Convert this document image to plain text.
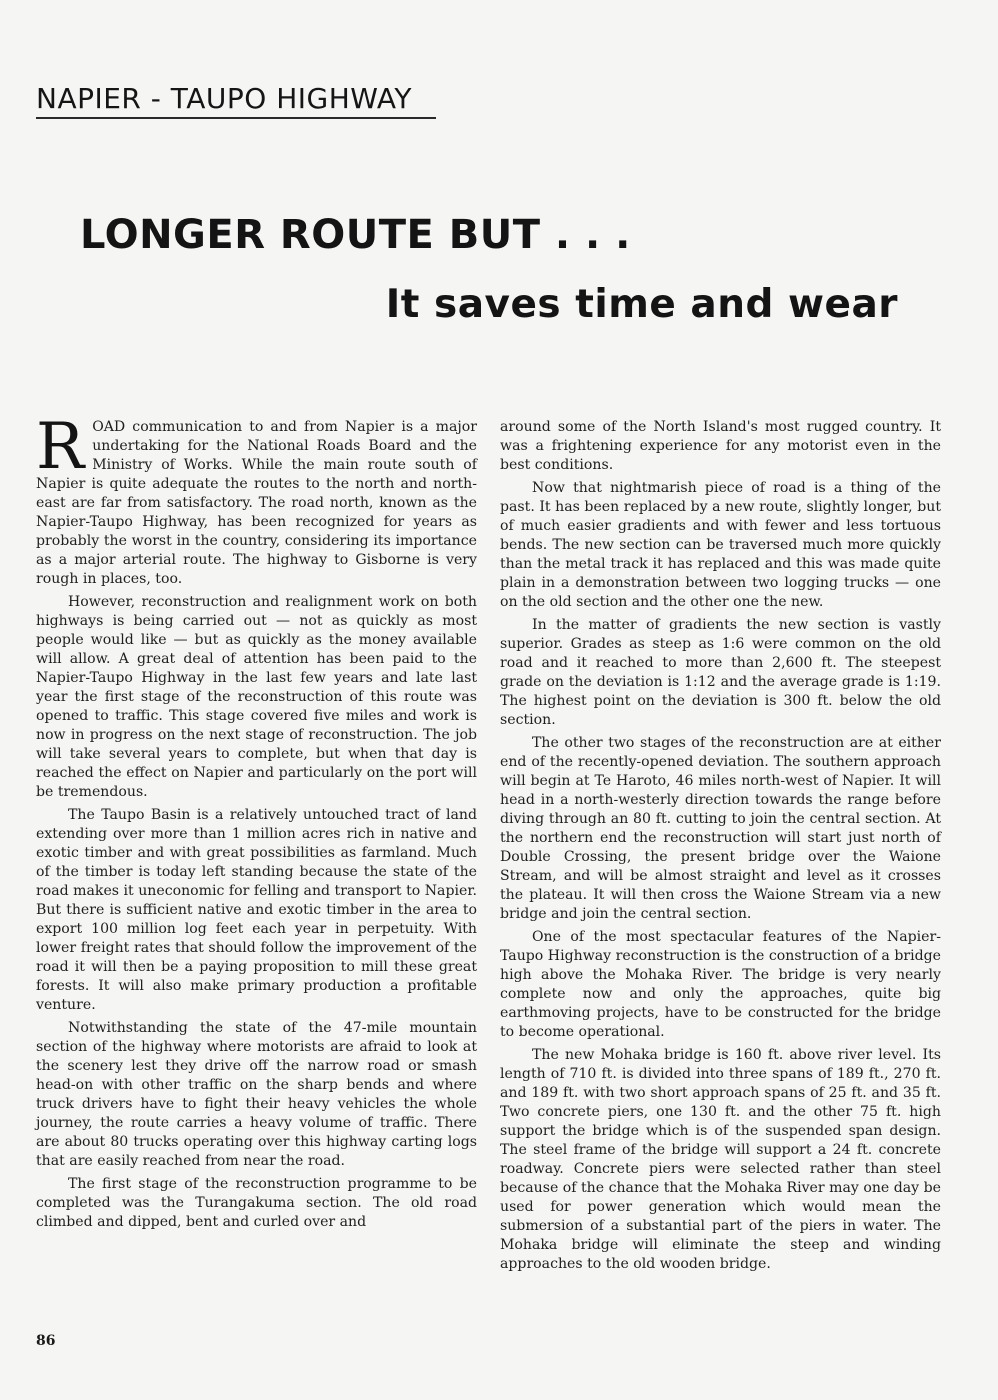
NAPIER - TAUPO HIGHWAY
LONGER ROUTE BUT . . .
It saves time and wear

ROAD communication to and from Napier is a major undertaking for the National Roads Board and the Ministry of Works. While the main route south of Napier is quite adequate the routes to the north and north-east are far from satisfactory. The road north, known as the Napier-Taupo Highway, has been recognized for years as probably the worst in the country, considering its importance as a major arterial route. The highway to Gisborne is very rough in places, too.

However, reconstruction and realignment work on both highways is being carried out — not as quickly as most people would like — but as quickly as the money available will allow. A great deal of attention has been paid to the Napier-Taupo Highway in the last few years and late last year the first stage of the reconstruction of this route was opened to traffic. This stage covered five miles and work is now in progress on the next stage of reconstruction. The job will take several years to complete, but when that day is reached the effect on Napier and particularly on the port will be tremendous.

The Taupo Basin is a relatively untouched tract of land extending over more than 1 million acres rich in native and exotic timber and with great possibilities as farmland. Much of the timber is today left standing because the state of the road makes it uneconomic for felling and transport to Napier. But there is sufficient native and exotic timber in the area to export 100 million log feet each year in perpetuity. With lower freight rates that should follow the improvement of the road it will then be a paying proposition to mill these great forests. It will also make primary production a profitable venture.

Notwithstanding the state of the 47-mile mountain section of the highway where motorists are afraid to look at the scenery lest they drive off the narrow road or smash head-on with other traffic on the sharp bends and where truck drivers have to fight their heavy vehicles the whole journey, the route carries a heavy volume of traffic. There are about 80 trucks operating over this highway carting logs that are easily reached from near the road.

The first stage of the reconstruction programme to be completed was the Turangakuma section. The old road climbed and dipped, bent and curled over and

around some of the North Island's most rugged country. It was a frightening experience for any motorist even in the best conditions.

Now that nightmarish piece of road is a thing of the past. It has been replaced by a new route, slightly longer, but of much easier gradients and with fewer and less tortuous bends. The new section can be traversed much more quickly than the metal track it has replaced and this was made quite plain in a demonstration between two logging trucks — one on the old section and the other one the new.

In the matter of gradients the new section is vastly superior. Grades as steep as 1:6 were common on the old road and it reached to more than 2,600 ft. The steepest grade on the deviation is 1:12 and the average grade is 1:19. The highest point on the deviation is 300 ft. below the old section.

The other two stages of the reconstruction are at either end of the recently-opened deviation. The southern approach will begin at Te Haroto, 46 miles north-west of Napier. It will head in a north-westerly direction towards the range before diving through an 80 ft. cutting to join the central section. At the northern end the reconstruction will start just north of Double Crossing, the present bridge over the Waione Stream, and will be almost straight and level as it crosses the plateau. It will then cross the Waione Stream via a new bridge and join the central section.

One of the most spectacular features of the Napier-Taupo Highway reconstruction is the construction of a bridge high above the Mohaka River. The bridge is very nearly complete now and only the approaches, quite big earthmoving projects, have to be constructed for the bridge to become operational.

The new Mohaka bridge is 160 ft. above river level. Its length of 710 ft. is divided into three spans of 189 ft., 270 ft. and 189 ft. with two short approach spans of 25 ft. and 35 ft. Two concrete piers, one 130 ft. and the other 75 ft. high support the bridge which is of the suspended span design. The steel frame of the bridge will support a 24 ft. concrete roadway. Concrete piers were selected rather than steel because of the chance that the Mohaka River may one day be used for power generation which would mean the submersion of a substantial part of the piers in water. The Mohaka bridge will eliminate the steep and winding approaches to the old wooden bridge.

86
